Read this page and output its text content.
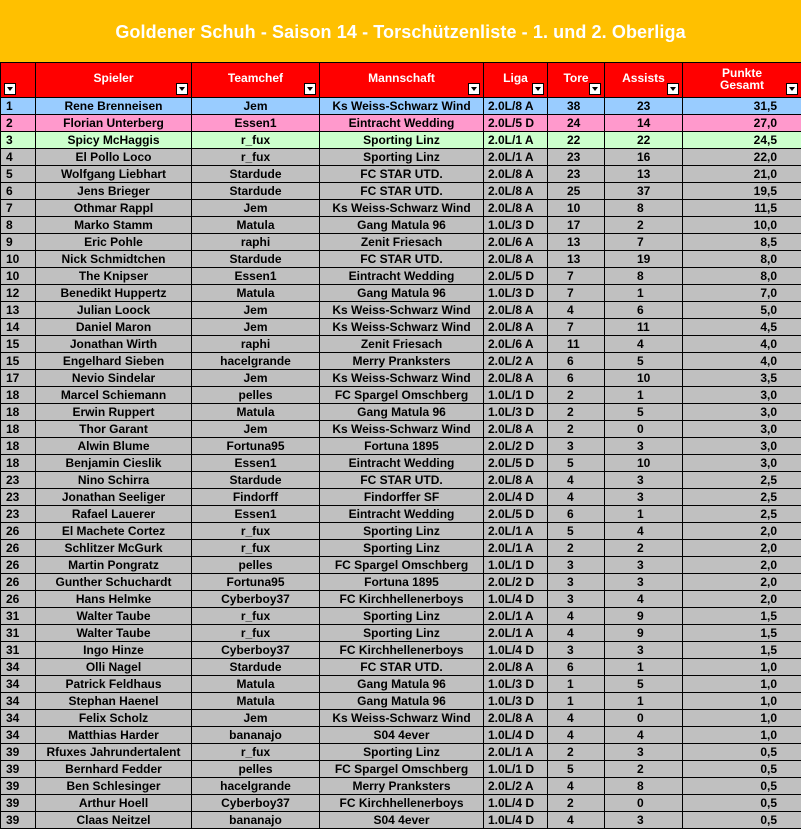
Goldener Schuh - Saison 14 - Torschützenliste - 1. und 2. Oberliga

	Spieler	Teamchef	Mannschaft	Liga	Tore	Assists	Punkte
Gesamt

1	Rene Brenneisen	Jem	Ks Weiss-Schwarz Wind	2.0L/8 A	38	23	31,5
2	Florian Unterberg	Essen1	Eintracht Wedding	2.0L/5 D	24	14	27,0
3	Spicy McHaggis	r_fux	Sporting Linz	2.0L/1 A	22	22	24,5
4	El Pollo Loco	r_fux	Sporting Linz	2.0L/1 A	23	16	22,0
5	Wolfgang Liebhart	Stardude	FC STAR UTD.	2.0L/8 A	23	13	21,0
6	Jens Brieger	Stardude	FC STAR UTD.	2.0L/8 A	25	37	19,5
7	Othmar Rappl	Jem	Ks Weiss-Schwarz Wind	2.0L/8 A	10	8	11,5
8	Marko Stamm	Matula	Gang Matula 96	1.0L/3 D	17	2	10,0
9	Eric Pohle	raphi	Zenit Friesach	2.0L/6 A	13	7	8,5
10	Nick Schmidtchen	Stardude	FC STAR UTD.	2.0L/8 A	13	19	8,0
10	The Knipser	Essen1	Eintracht Wedding	2.0L/5 D	7	8	8,0
12	Benedikt Huppertz	Matula	Gang Matula 96	1.0L/3 D	7	1	7,0
13	Julian Loock	Jem	Ks Weiss-Schwarz Wind	2.0L/8 A	4	6	5,0
14	Daniel Maron	Jem	Ks Weiss-Schwarz Wind	2.0L/8 A	7	11	4,5
15	Jonathan Wirth	raphi	Zenit Friesach	2.0L/6 A	11	4	4,0
15	Engelhard Sieben	hacelgrande	Merry Pranksters	2.0L/2 A	6	5	4,0
17	Nevio Sindelar	Jem	Ks Weiss-Schwarz Wind	2.0L/8 A	6	10	3,5
18	Marcel Schiemann	pelles	FC Spargel Omschberg	1.0L/1 D	2	1	3,0
18	Erwin Ruppert	Matula	Gang Matula 96	1.0L/3 D	2	5	3,0
18	Thor Garant	Jem	Ks Weiss-Schwarz Wind	2.0L/8 A	2	0	3,0
18	Alwin Blume	Fortuna95	Fortuna 1895	2.0L/2 D	3	3	3,0
18	Benjamin Cieslik	Essen1	Eintracht Wedding	2.0L/5 D	5	10	3,0
23	Nino Schirra	Stardude	FC STAR UTD.	2.0L/8 A	4	3	2,5
23	Jonathan Seeliger	Findorff	Findorffer SF	2.0L/4 D	4	3	2,5
23	Rafael Lauerer	Essen1	Eintracht Wedding	2.0L/5 D	6	1	2,5
26	El Machete Cortez	r_fux	Sporting Linz	2.0L/1 A	5	4	2,0
26	Schlitzer McGurk	r_fux	Sporting Linz	2.0L/1 A	2	2	2,0
26	Martin Pongratz	pelles	FC Spargel Omschberg	1.0L/1 D	3	3	2,0
26	Gunther Schuchardt	Fortuna95	Fortuna 1895	2.0L/2 D	3	3	2,0
26	Hans Helmke	Cyberboy37	FC Kirchhellenerboys	1.0L/4 D	3	4	2,0
31	Walter Taube	r_fux	Sporting Linz	2.0L/1 A	4	9	1,5
31	Walter Taube	r_fux	Sporting Linz	2.0L/1 A	4	9	1,5
31	Ingo Hinze	Cyberboy37	FC Kirchhellenerboys	1.0L/4 D	3	3	1,5
34	Olli Nagel	Stardude	FC STAR UTD.	2.0L/8 A	6	1	1,0
34	Patrick Feldhaus	Matula	Gang Matula 96	1.0L/3 D	1	5	1,0
34	Stephan Haenel	Matula	Gang Matula 96	1.0L/3 D	1	1	1,0
34	Felix Scholz	Jem	Ks Weiss-Schwarz Wind	2.0L/8 A	4	0	1,0
34	Matthias Harder	bananajo	S04 4ever	1.0L/4 D	4	4	1,0
39	Rfuxes Jahrundertalent	r_fux	Sporting Linz	2.0L/1 A	2	3	0,5
39	Bernhard Fedder	pelles	FC Spargel Omschberg	1.0L/1 D	5	2	0,5
39	Ben Schlesinger	hacelgrande	Merry Pranksters	2.0L/2 A	4	8	0,5
39	Arthur Hoell	Cyberboy37	FC Kirchhellenerboys	1.0L/4 D	2	0	0,5
39	Claas Neitzel	bananajo	S04 4ever	1.0L/4 D	4	3	0,5
